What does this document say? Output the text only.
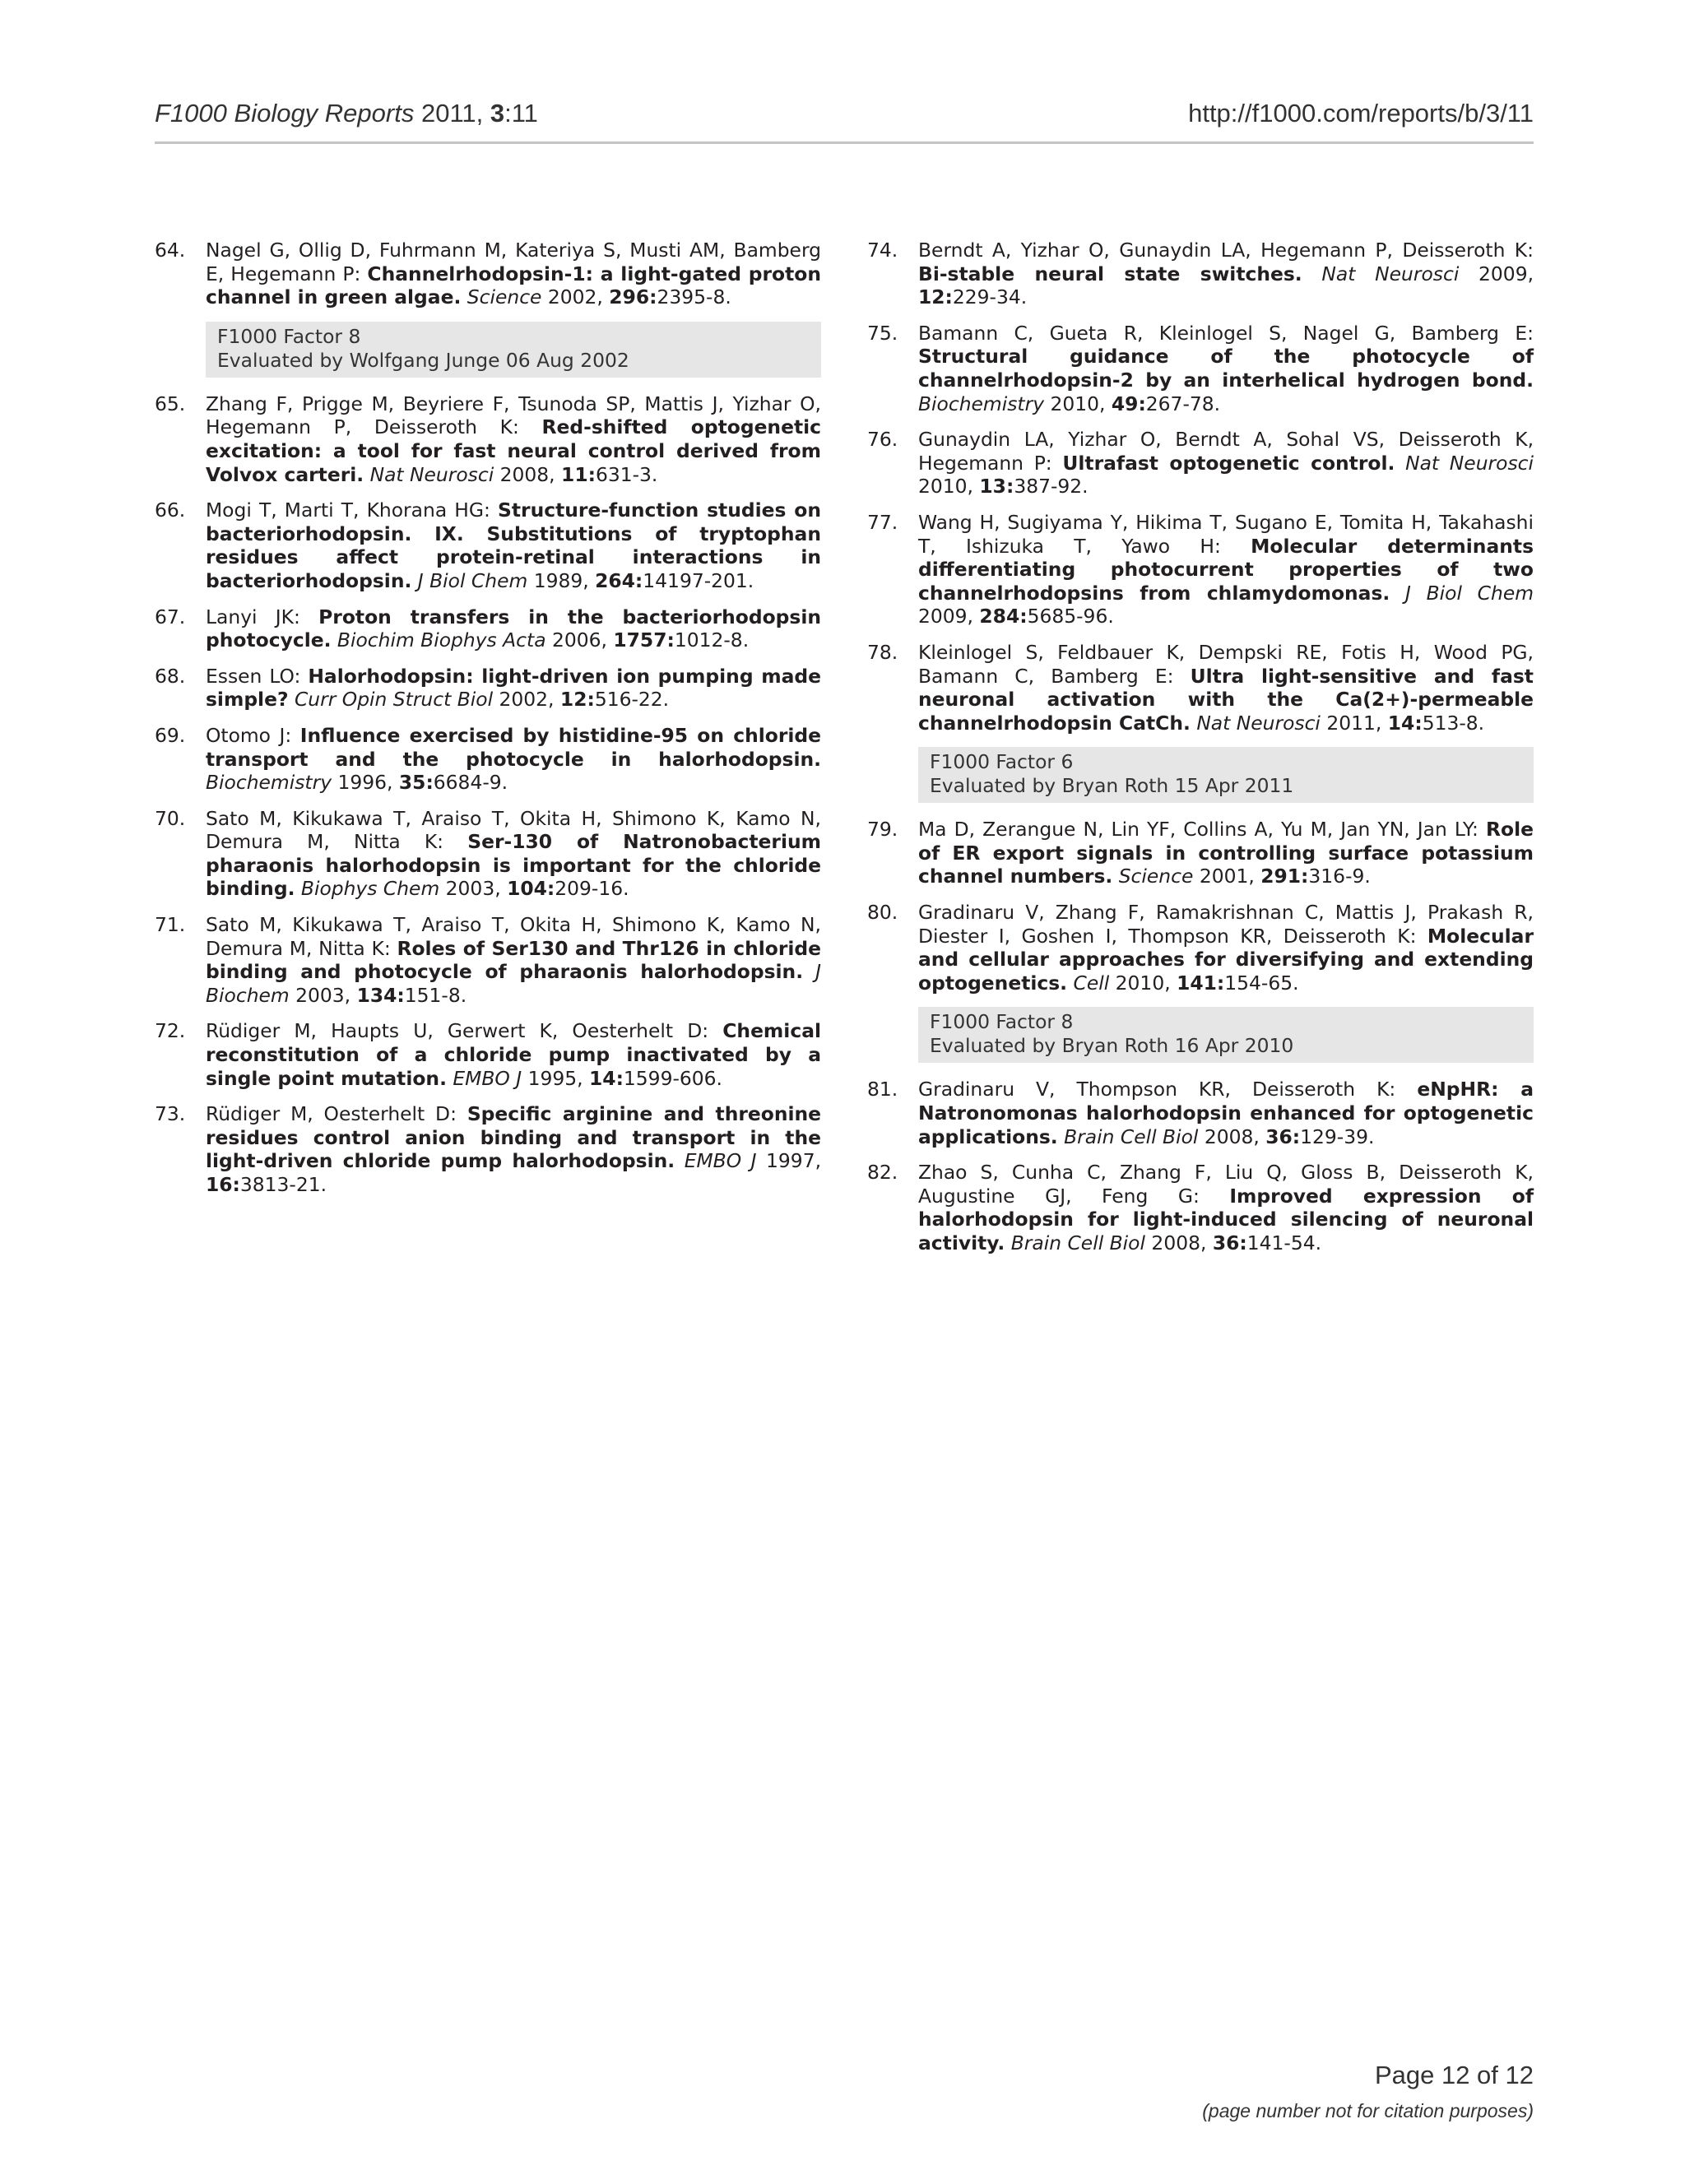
F1000 Biology Reports 2011, 3:11	http://f1000.com/reports/b/3/11
64. Nagel G, Ollig D, Fuhrmann M, Kateriya S, Musti AM, Bamberg E, Hegemann P: Channelrhodopsin-1: a light-gated proton channel in green algae. Science 2002, 296:2395-8.
F1000 Factor 8
Evaluated by Wolfgang Junge 06 Aug 2002
65. Zhang F, Prigge M, Beyriere F, Tsunoda SP, Mattis J, Yizhar O, Hegemann P, Deisseroth K: Red-shifted optogenetic excitation: a tool for fast neural control derived from Volvox carteri. Nat Neurosci 2008, 11:631-3.
66. Mogi T, Marti T, Khorana HG: Structure-function studies on bacteriorhodopsin. IX. Substitutions of tryptophan residues affect protein-retinal interactions in bacteriorhodopsin. J Biol Chem 1989, 264:14197-201.
67. Lanyi JK: Proton transfers in the bacteriorhodopsin photocycle. Biochim Biophys Acta 2006, 1757:1012-8.
68. Essen LO: Halorhodopsin: light-driven ion pumping made simple? Curr Opin Struct Biol 2002, 12:516-22.
69. Otomo J: Influence exercised by histidine-95 on chloride transport and the photocycle in halorhodopsin. Biochemistry 1996, 35:6684-9.
70. Sato M, Kikukawa T, Araiso T, Okita H, Shimono K, Kamo N, Demura M, Nitta K: Ser-130 of Natronobacterium pharaonis halorhodopsin is important for the chloride binding. Biophys Chem 2003, 104:209-16.
71. Sato M, Kikukawa T, Araiso T, Okita H, Shimono K, Kamo N, Demura M, Nitta K: Roles of Ser130 and Thr126 in chloride binding and photocycle of pharaonis halorhodopsin. J Biochem 2003, 134:151-8.
72. Rüdiger M, Haupts U, Gerwert K, Oesterhelt D: Chemical reconstitution of a chloride pump inactivated by a single point mutation. EMBO J 1995, 14:1599-606.
73. Rüdiger M, Oesterhelt D: Specific arginine and threonine residues control anion binding and transport in the light-driven chloride pump halorhodopsin. EMBO J 1997, 16:3813-21.
74. Berndt A, Yizhar O, Gunaydin LA, Hegemann P, Deisseroth K: Bi-stable neural state switches. Nat Neurosci 2009, 12:229-34.
75. Bamann C, Gueta R, Kleinlogel S, Nagel G, Bamberg E: Structural guidance of the photocycle of channelrhodopsin-2 by an interhelical hydrogen bond. Biochemistry 2010, 49:267-78.
76. Gunaydin LA, Yizhar O, Berndt A, Sohal VS, Deisseroth K, Hegemann P: Ultrafast optogenetic control. Nat Neurosci 2010, 13:387-92.
77. Wang H, Sugiyama Y, Hikima T, Sugano E, Tomita H, Takahashi T, Ishizuka T, Yawo H: Molecular determinants differentiating photocurrent properties of two channelrhodopsins from chlamydomonas. J Biol Chem 2009, 284:5685-96.
78. Kleinlogel S, Feldbauer K, Dempski RE, Fotis H, Wood PG, Bamann C, Bamberg E: Ultra light-sensitive and fast neuronal activation with the Ca(2+)-permeable channelrhodopsin CatCh. Nat Neurosci 2011, 14:513-8.
F1000 Factor 6
Evaluated by Bryan Roth 15 Apr 2011
79. Ma D, Zerangue N, Lin YF, Collins A, Yu M, Jan YN, Jan LY: Role of ER export signals in controlling surface potassium channel numbers. Science 2001, 291:316-9.
80. Gradinaru V, Zhang F, Ramakrishnan C, Mattis J, Prakash R, Diester I, Goshen I, Thompson KR, Deisseroth K: Molecular and cellular approaches for diversifying and extending optogenetics. Cell 2010, 141:154-65.
F1000 Factor 8
Evaluated by Bryan Roth 16 Apr 2010
81. Gradinaru V, Thompson KR, Deisseroth K: eNpHR: a Natronomonas halorhodopsin enhanced for optogenetic applications. Brain Cell Biol 2008, 36:129-39.
82. Zhao S, Cunha C, Zhang F, Liu Q, Gloss B, Deisseroth K, Augustine GJ, Feng G: Improved expression of halorhodopsin for light-induced silencing of neuronal activity. Brain Cell Biol 2008, 36:141-54.
Page 12 of 12
(page number not for citation purposes)
